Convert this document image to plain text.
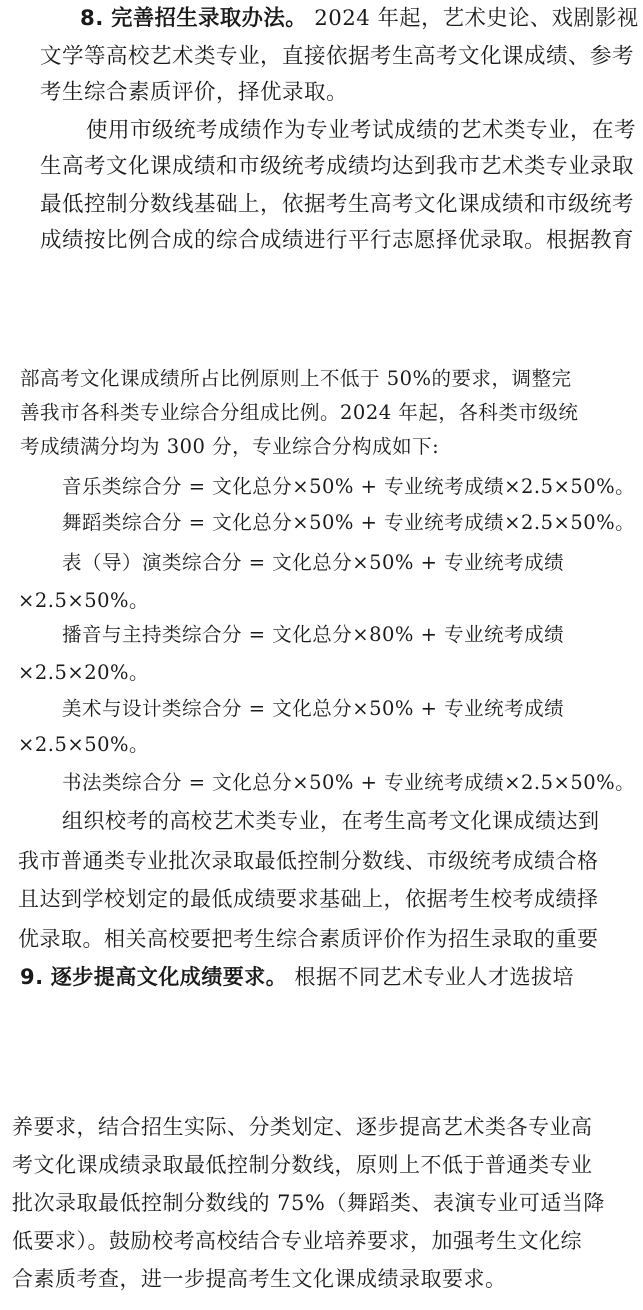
8. 完善招生录取办法。 2024 年起，艺术史论、戏剧影视
文学等高校艺术类专业，直接依据考生高考文化课成绩、参考
考生综合素质评价，择优录取。
使用市级统考成绩作为专业考试成绩的艺术类专业，在考
生高考文化课成绩和市级统考成绩均达到我市艺术类专业录取
最低控制分数线基础上，依据考生高考文化课成绩和市级统考
成绩按比例合成的综合成绩进行平行志愿择优录取。根据教育
部高考文化课成绩所占比例原则上不低于 50%的要求，调整完
善我市各科类专业综合分组成比例。2024 年起，各科类市级统
考成绩满分均为 300 分，专业综合分构成如下:
音乐类综合分 = 文化总分×50% + 专业统考成绩×2.5×50%。
舞蹈类综合分 = 文化总分×50% + 专业统考成绩×2.5×50%。
表（导）演类综合分 = 文化总分×50% + 专业统考成绩
×2.5×50%。
播音与主持类综合分 = 文化总分×80% + 专业统考成绩
×2.5×20%。
美术与设计类综合分 = 文化总分×50% + 专业统考成绩
×2.5×50%。
书法类综合分 = 文化总分×50% + 专业统考成绩×2.5×50%。
组织校考的高校艺术类专业，在考生高考文化课成绩达到
我市普通类专业批次录取最低控制分数线、市级统考成绩合格
且达到学校划定的最低成绩要求基础上，依据考生校考成绩择
优录取。相关高校要把考生综合素质评价作为招生录取的重要
9. 逐步提高文化成绩要求。 根据不同艺术专业人才选拔培
养要求，结合招生实际、分类划定、逐步提高艺术类各专业高
考文化课成绩录取最低控制分数线，原则上不低于普通类专业
批次录取最低控制分数线的 75%（舞蹈类、表演专业可适当降
低要求）。鼓励校考高校结合专业培养要求，加强考生文化综
合素质考查，进一步提高考生文化课成绩录取要求。
